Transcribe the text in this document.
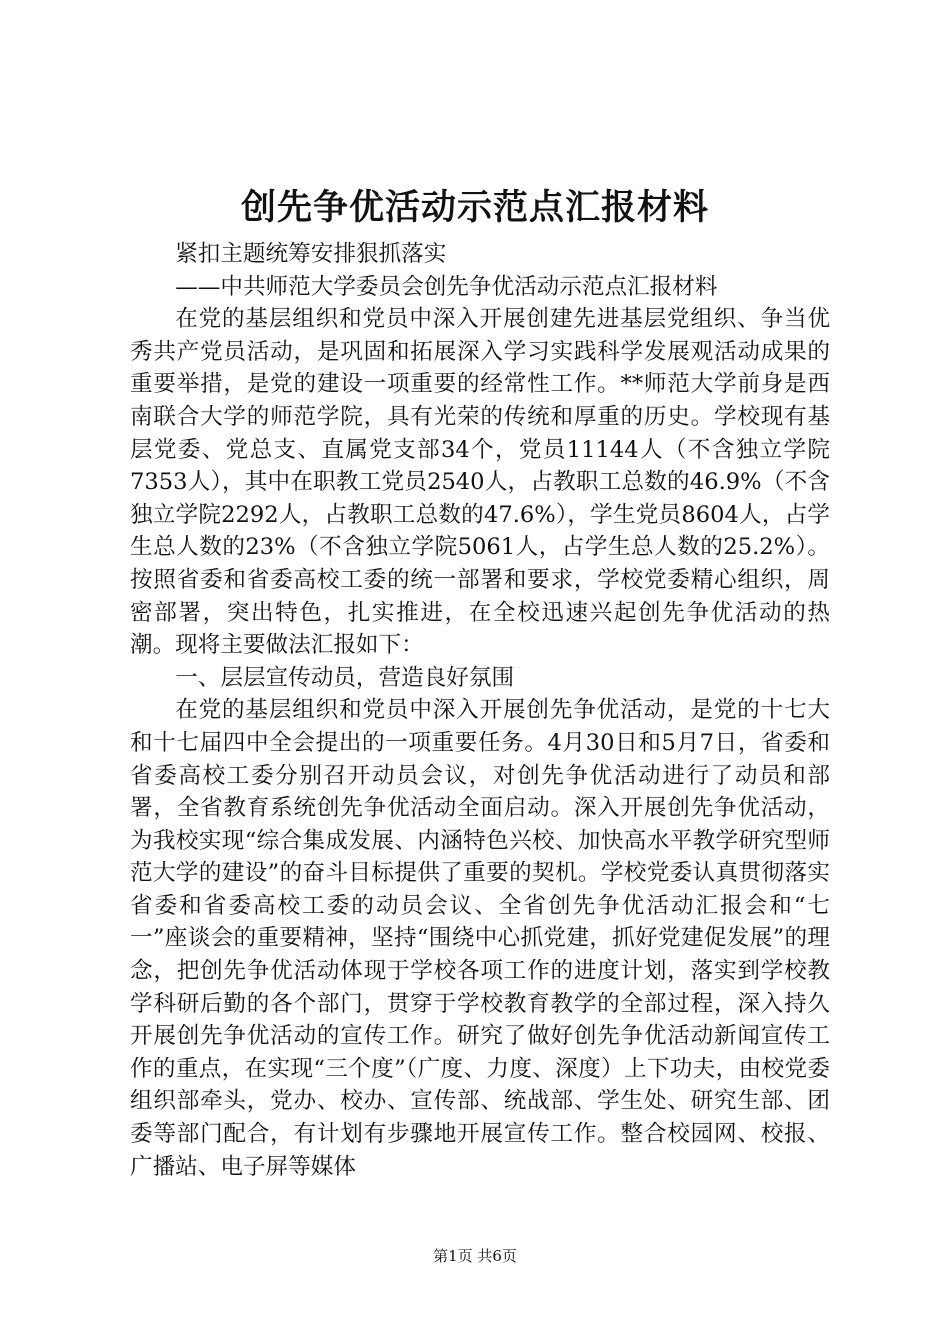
创先争优活动示范点汇报材料

紧扣主题统筹安排狠抓落实

——中共师范大学委员会创先争优活动示范点汇报材料

在党的基层组织和党员中深入开展创建先进基层党组织、争当优秀共产党员活动，是巩固和拓展深入学习实践科学发展观活动成果的重要举措，是党的建设一项重要的经常性工作。**师范大学前身是西南联合大学的师范学院，具有光荣的传统和厚重的历史。学校现有基层党委、党总支、直属党支部34个，党员11144人（不含独立学院7353人），其中在职教工党员2540人，占教职工总数的46.9%（不含独立学院2292人，占教职工总数的47.6%），学生党员8604人，占学生总人数的23%（不含独立学院5061人，占学生总人数的25.2%）。按照省委和省委高校工委的统一部署和要求，学校党委精心组织，周密部署，突出特色，扎实推进，在全校迅速兴起创先争优活动的热潮。现将主要做法汇报如下：

一、层层宣传动员，营造良好氛围

在党的基层组织和党员中深入开展创先争优活动，是党的十七大和十七届四中全会提出的一项重要任务。4月30日和5月7日，省委和省委高校工委分别召开动员会议，对创先争优活动进行了动员和部署，全省教育系统创先争优活动全面启动。深入开展创先争优活动，为我校实现“综合集成发展、内涵特色兴校、加快高水平教学研究型师范大学的建设”的奋斗目标提供了重要的契机。学校党委认真贯彻落实省委和省委高校工委的动员会议、全省创先争优活动汇报会和“七一”座谈会的重要精神，坚持“围绕中心抓党建，抓好党建促发展”的理念，把创先争优活动体现于学校各项工作的进度计划，落实到学校教学科研后勤的各个部门，贯穿于学校教育教学的全部过程，深入持久开展创先争优活动的宣传工作。研究了做好创先争优活动新闻宣传工作的重点，在实现“三个度”（广度、力度、深度）上下功夫，由校党委组织部牵头，党办、校办、宣传部、统战部、学生处、研究生部、团委等部门配合，有计划有步骤地开展宣传工作。整合校园网、校报、广播站、电子屏等媒体

第1页 共6页
